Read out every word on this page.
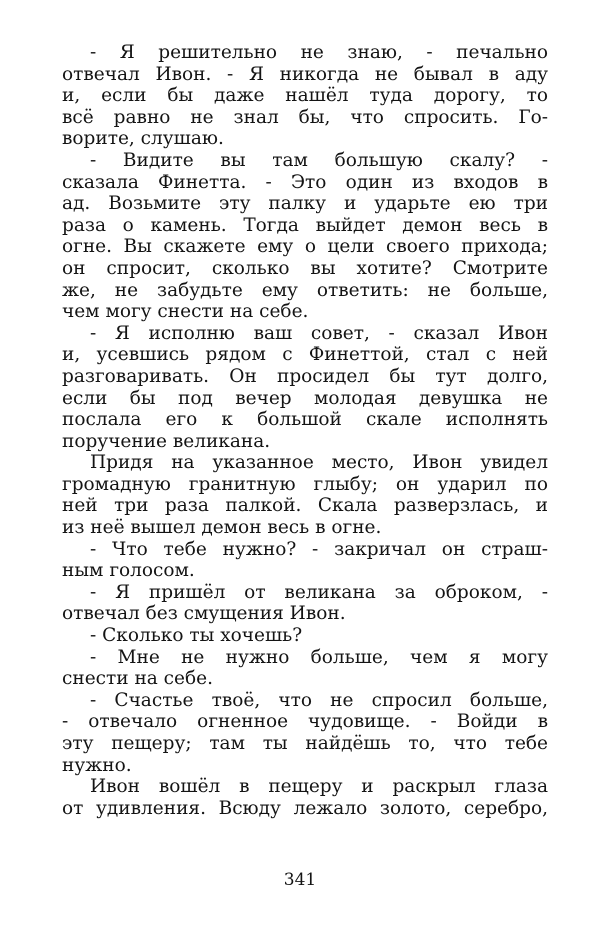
- Я решительно не знаю, - печально
отвечал Ивон. - Я никогда не бывал в аду
и, если бы даже нашёл туда дорогу, то
всё равно не знал бы, что спросить. Го-
ворите, слушаю.
- Видите вы там большую скалу? -
сказала Финетта. - Это один из входов в
ад. Возьмите эту палку и ударьте ею три
раза о камень. Тогда выйдет демон весь в
огне. Вы скажете ему о цели своего прихода;
он спросит, сколько вы хотите? Смотрите
же, не забудьте ему ответить: не больше,
чем могу снести на себе.
- Я исполню ваш совет, - сказал Ивон
и, усевшись рядом с Финеттой, стал с ней
разговаривать. Он просидел бы тут долго,
если бы под вечер молодая девушка не
послала его к большой скале исполнять
поручение великана.
Придя на указанное место, Ивон увидел
громадную гранитную глыбу; он ударил по
ней три раза палкой. Скала разверзлась, и
из неё вышел демон весь в огне.
- Что тебе нужно? - закричал он страш-
ным голосом.
- Я пришёл от великана за оброком, -
отвечал без смущения Ивон.
- Сколько ты хочешь?
- Мне не нужно больше, чем я могу
снести на себе.
- Счастье твоё, что не спросил больше,
- отвечало огненное чудовище. - Войди в
эту пещеру; там ты найдёшь то, что тебе
нужно.
Ивон вошёл в пещеру и раскрыл глаза
от удивления. Всюду лежало золото, серебро,
341
